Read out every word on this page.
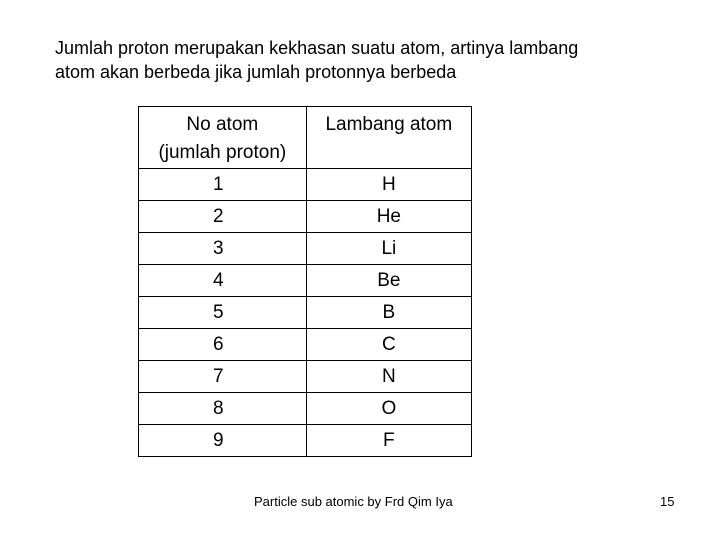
Jumlah proton merupakan kekhasan suatu atom, artinya lambang
atom akan berbeda jika jumlah protonnya berbeda
No atom
(jumlah proton)	Lambang atom
1	H
2	He
3	Li
4	Be
5	B
6	C
7	N
8	O
9	F
Particle sub atomic by Frd Qim Iya	15
